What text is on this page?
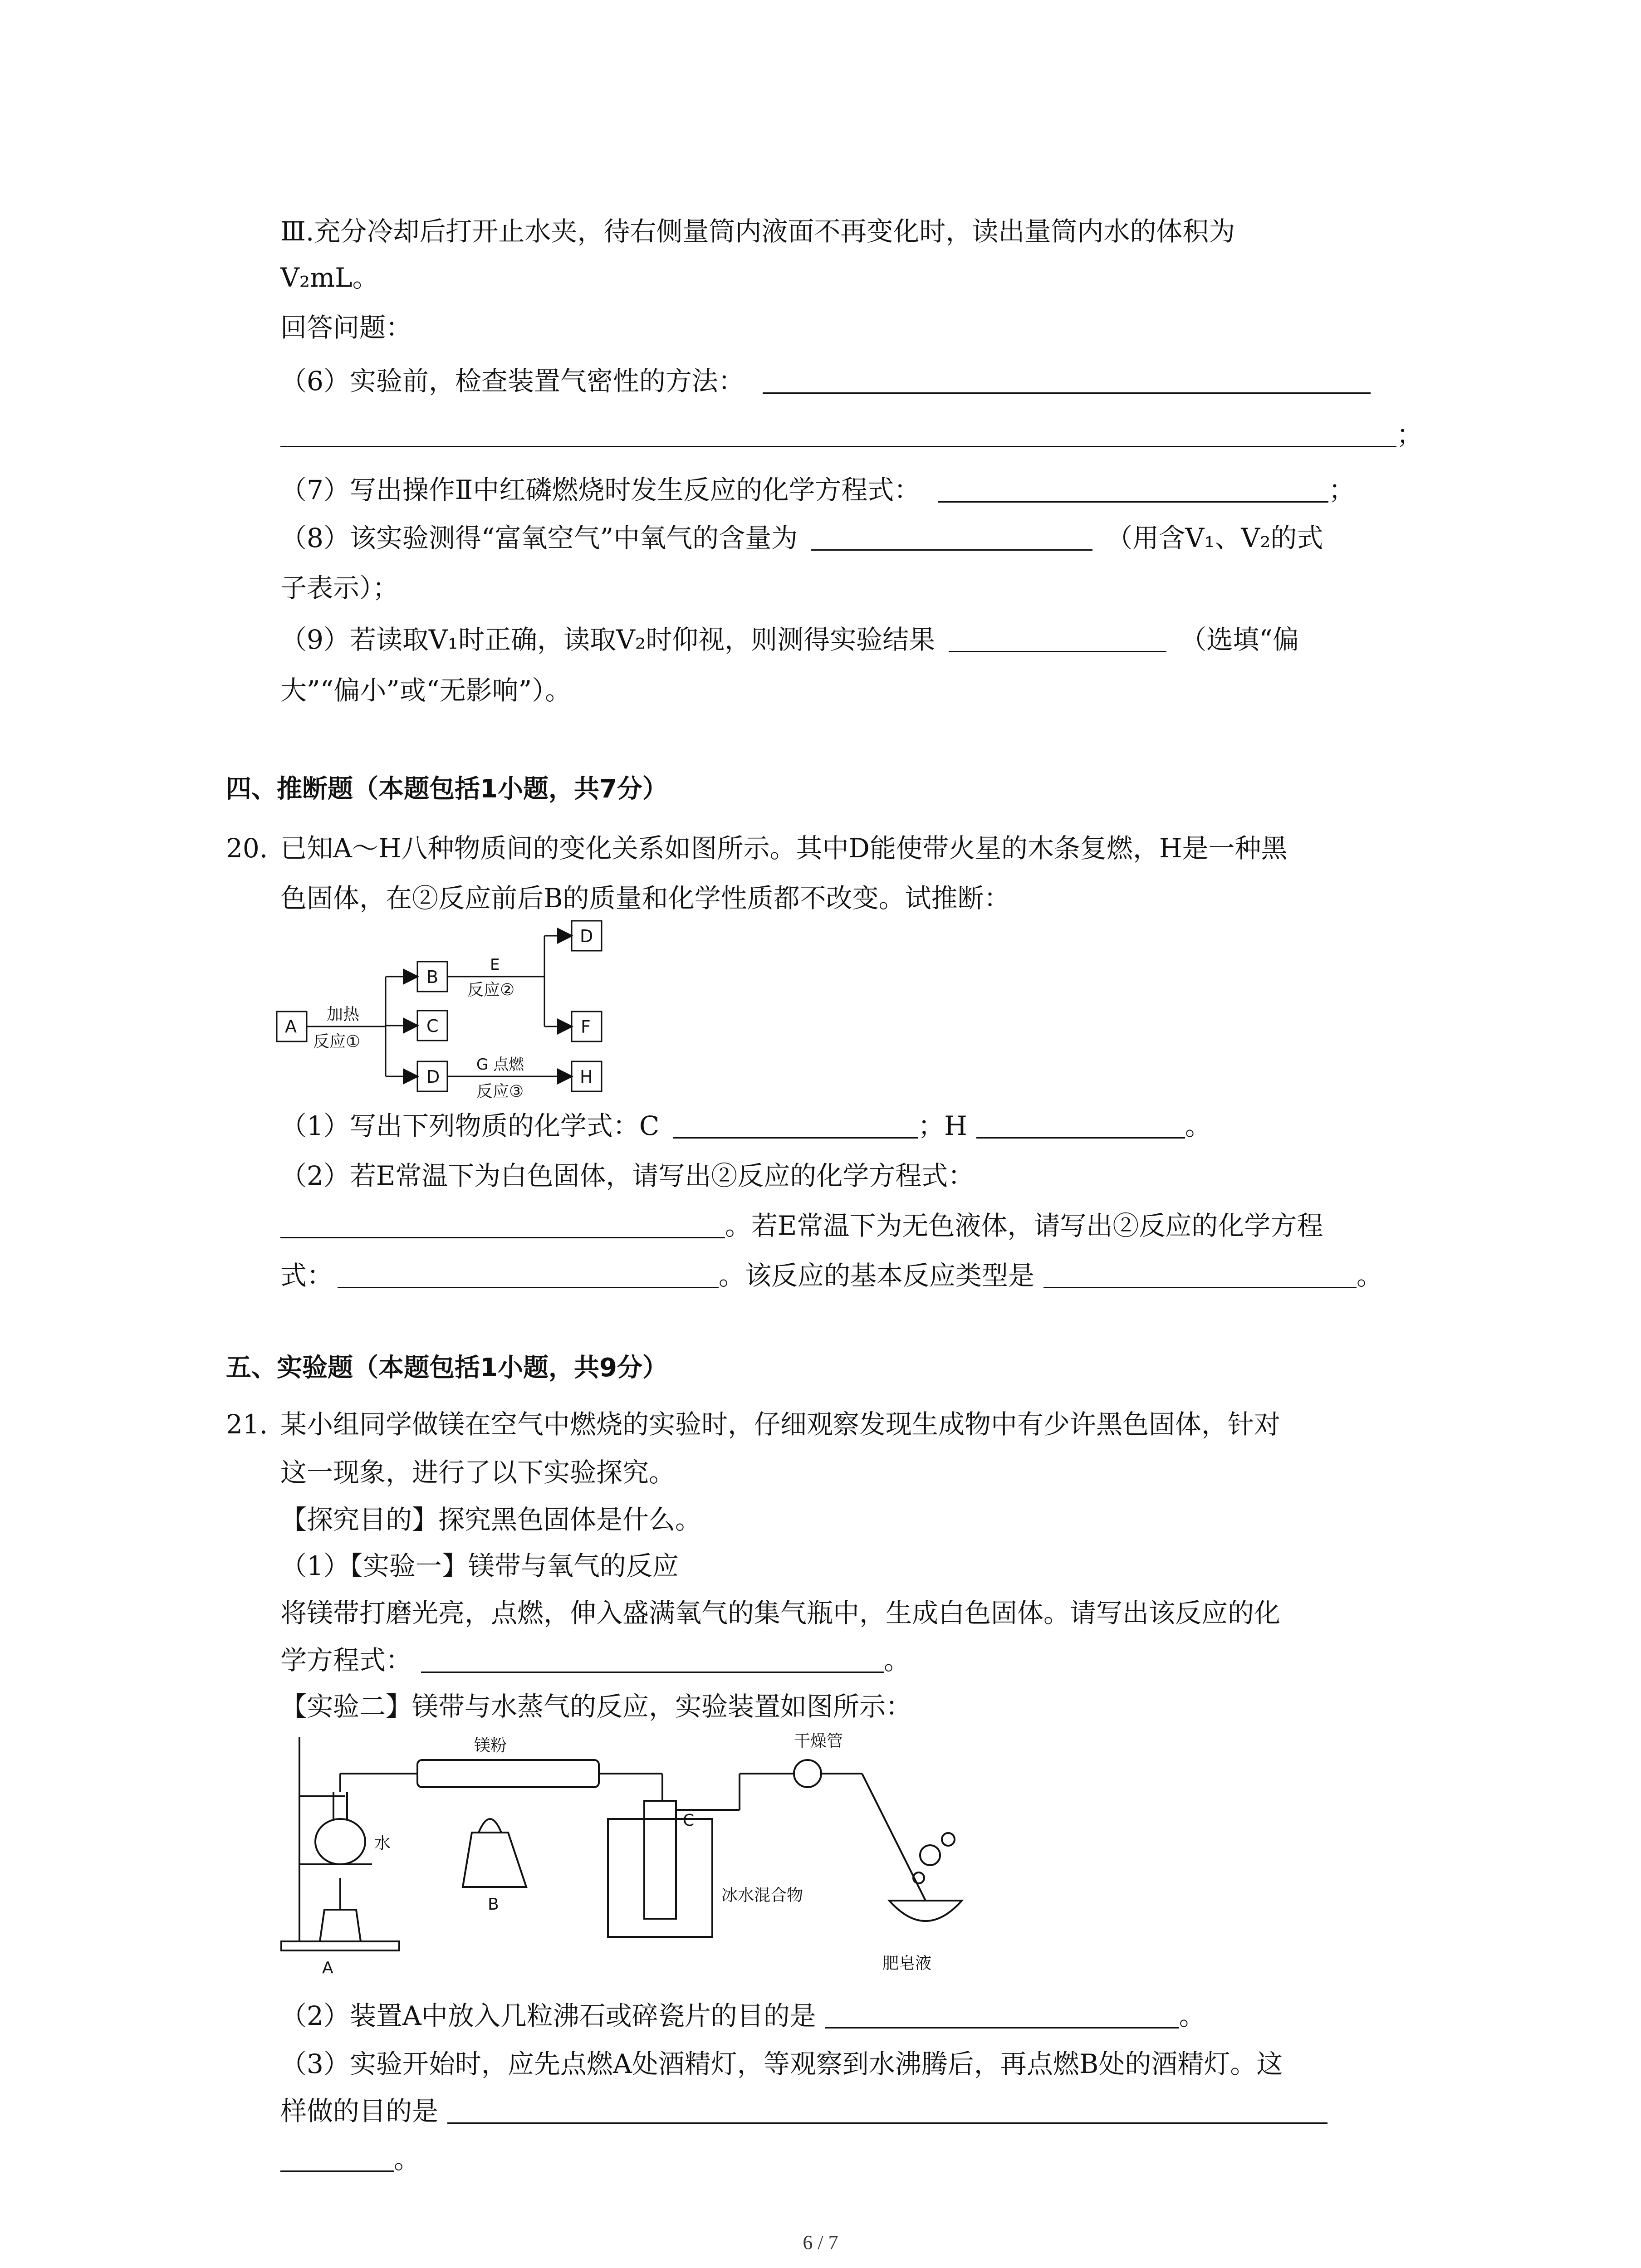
Ⅲ.充分冷却后打开止水夹，待右侧量筒内液面不再变化时，读出量筒内水的体积为
V₂mL。
回答问题：
（6）实验前，检查装置气密性的方法：
；
（7）写出操作Ⅱ中红磷燃烧时发生反应的化学方程式：	；
（8）该实验测得“富氧空气”中氧气的含量为	（用含V₁、V₂的式
子表示）；
（9）若读取V₁时正确，读取V₂时仰视，则测得实验结果	（选填“偏
大”“偏小”或“无影响”）。
四、推断题（本题包括1小题，共7分）
20. 已知A～H八种物质间的变化关系如图所示。其中D能使带火星的木条复燃，H是一种黑
色固体，在②反应前后B的质量和化学性质都不改变。试推断：
A
B
C
D
D
F
H
加热
反应①
E
反应②
G 点燃
反应③
（1）写出下列物质的化学式：C	；H	。
（2）若E常温下为白色固体，请写出②反应的化学方程式：
。若E常温下为无色液体，请写出②反应的化学方程
式：	。该反应的基本反应类型是	。
五、实验题（本题包括1小题，共9分）
21. 某小组同学做镁在空气中燃烧的实验时，仔细观察发现生成物中有少许黑色固体，针对
这一现象，进行了以下实验探究。
【探究目的】探究黑色固体是什么。
（1）【实验一】镁带与氧气的反应
将镁带打磨光亮，点燃，伸入盛满氧气的集气瓶中，生成白色固体。请写出该反应的化
学方程式：	。
【实验二】镁带与水蒸气的反应，实验装置如图所示：
镁粉	干燥管
水
冰水混合物
肥皂液
A
B
C
（2）装置A中放入几粒沸石或碎瓷片的目的是	。
（3）实验开始时，应先点燃A处酒精灯，等观察到水沸腾后，再点燃B处的酒精灯。这
样做的目的是
。
6 / 7
